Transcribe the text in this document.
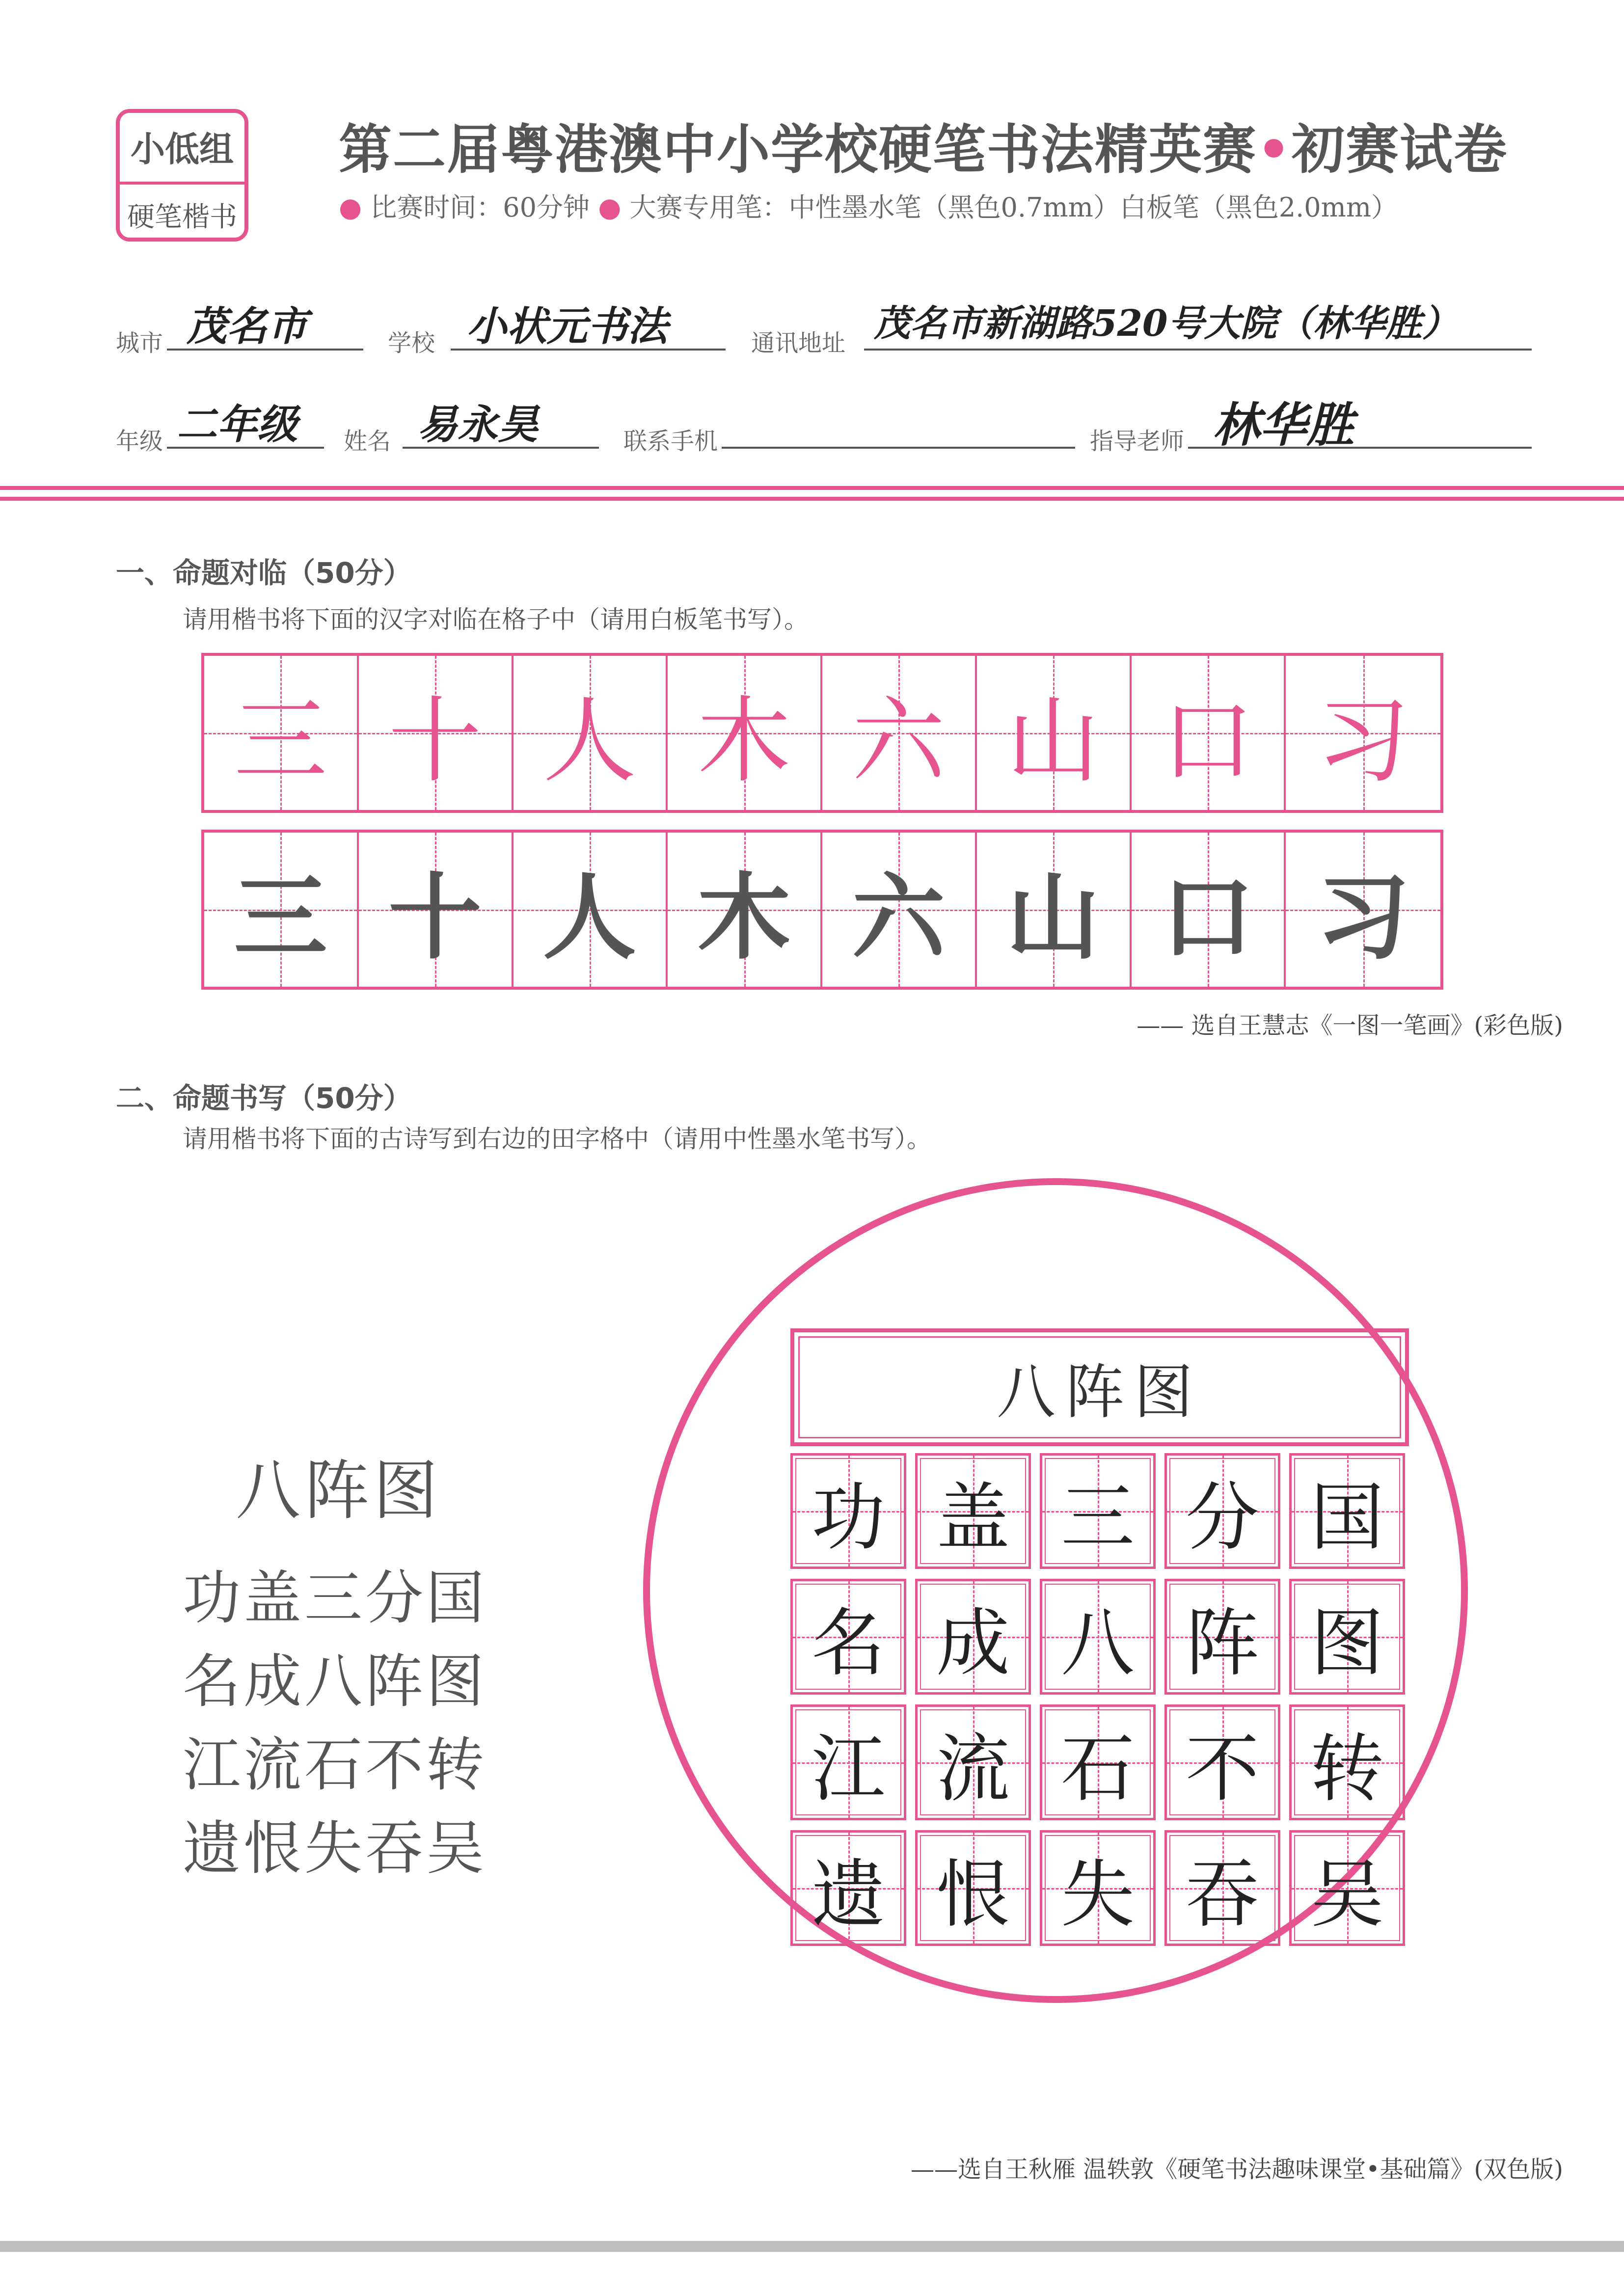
小低组
硬笔楷书
第二届粤港澳中小学校硬笔书法精英赛•初赛试卷
● 比赛时间：60分钟 ● 大赛专用笔：中性墨水笔（黑色0.7mm）白板笔（黑色2.0mm）
城市 茂名市	学校 小状元书法	通讯地址 茂名市新湖路520号大院（林华胜）
年级 二年级 姓名 易永昊	联系手机	指导老师 林华胜
一、命题对临（50分）
请用楷书将下面的汉字对临在格子中（请用白板笔书写）。
三 十 人 木 六 山 口 习
三 十 人 木 六 山 口 习
—— 选自王慧志《一图一笔画》(彩色版)
二、命题书写（50分）
请用楷书将下面的古诗写到右边的田字格中（请用中性墨水笔书写）。
八阵图
功盖三分国
名成八阵图
江流石不转
遗恨失吞吴
八阵图
功 盖 三 分 国
名 成 八 阵 图
江 流 石 不 转
遗 恨 失 吞 吴
——选自王秋雁 温轶敦《硬笔书法趣味课堂•基础篇》(双色版)
